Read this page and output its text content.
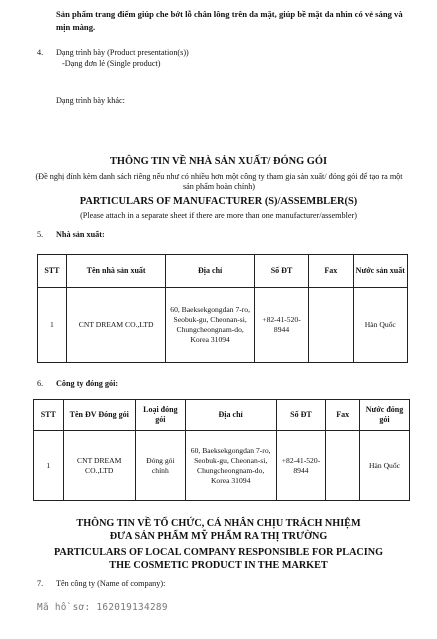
Sản phẩm trang điểm giúp che bớt lỗ chân lông trên da mặt, giúp bề mặt da nhìn có vẻ sáng và mịn màng.
4. Dạng trình bày (Product presentation(s))
-Dạng đơn lẻ (Single product)
Dạng trình bày khác:
THÔNG TIN VỀ NHÀ SẢN XUẤT/ ĐÓNG GÓI
(Đề nghị đính kèm danh sách riêng nếu như có nhiều hơn một công ty tham gia sản xuất/ đóng gói để tạo ra một sản phẩm hoàn chỉnh)
PARTICULARS OF MANUFACTURER (S)/ASSEMBLER(S)
(Please attach in a separate sheet if there are more than one manufacturer/assembler)
5. Nhà sản xuất:
STT	Tên nhà sản xuất	Địa chỉ	Số ĐT	Fax	Nước sản xuất
1	CNT DREAM CO.,LTD	60, Baeksekgongdan 7-ro, Seobuk-gu, Cheonan-si, Chungcheongnam-do, Korea 31094	+82-41-520-8944		Hàn Quốc
6. Công ty đóng gói:
STT	Tên ĐV Đóng gói	Loại đóng gói	Địa chỉ	Số ĐT	Fax	Nước đóng gói
1	CNT DREAM CO.,LTD	Đóng gói chính	60, Baeksekgongdan 7-ro, Seobuk-gu, Cheonan-si, Chungcheongnam-do, Korea 31094	+82-41-520-8944		Hàn Quốc
THÔNG TIN VỀ TỔ CHỨC, CÁ NHÂN CHỊU TRÁCH NHIỆM
ĐƯA SẢN PHẨM MỸ PHẨM RA THỊ TRƯỜNG
PARTICULARS OF LOCAL COMPANY RESPONSIBLE FOR PLACING
THE COSMETIC PRODUCT IN THE MARKET
7. Tên công ty (Name of company):
Mã hồ sơ: 162019134289
